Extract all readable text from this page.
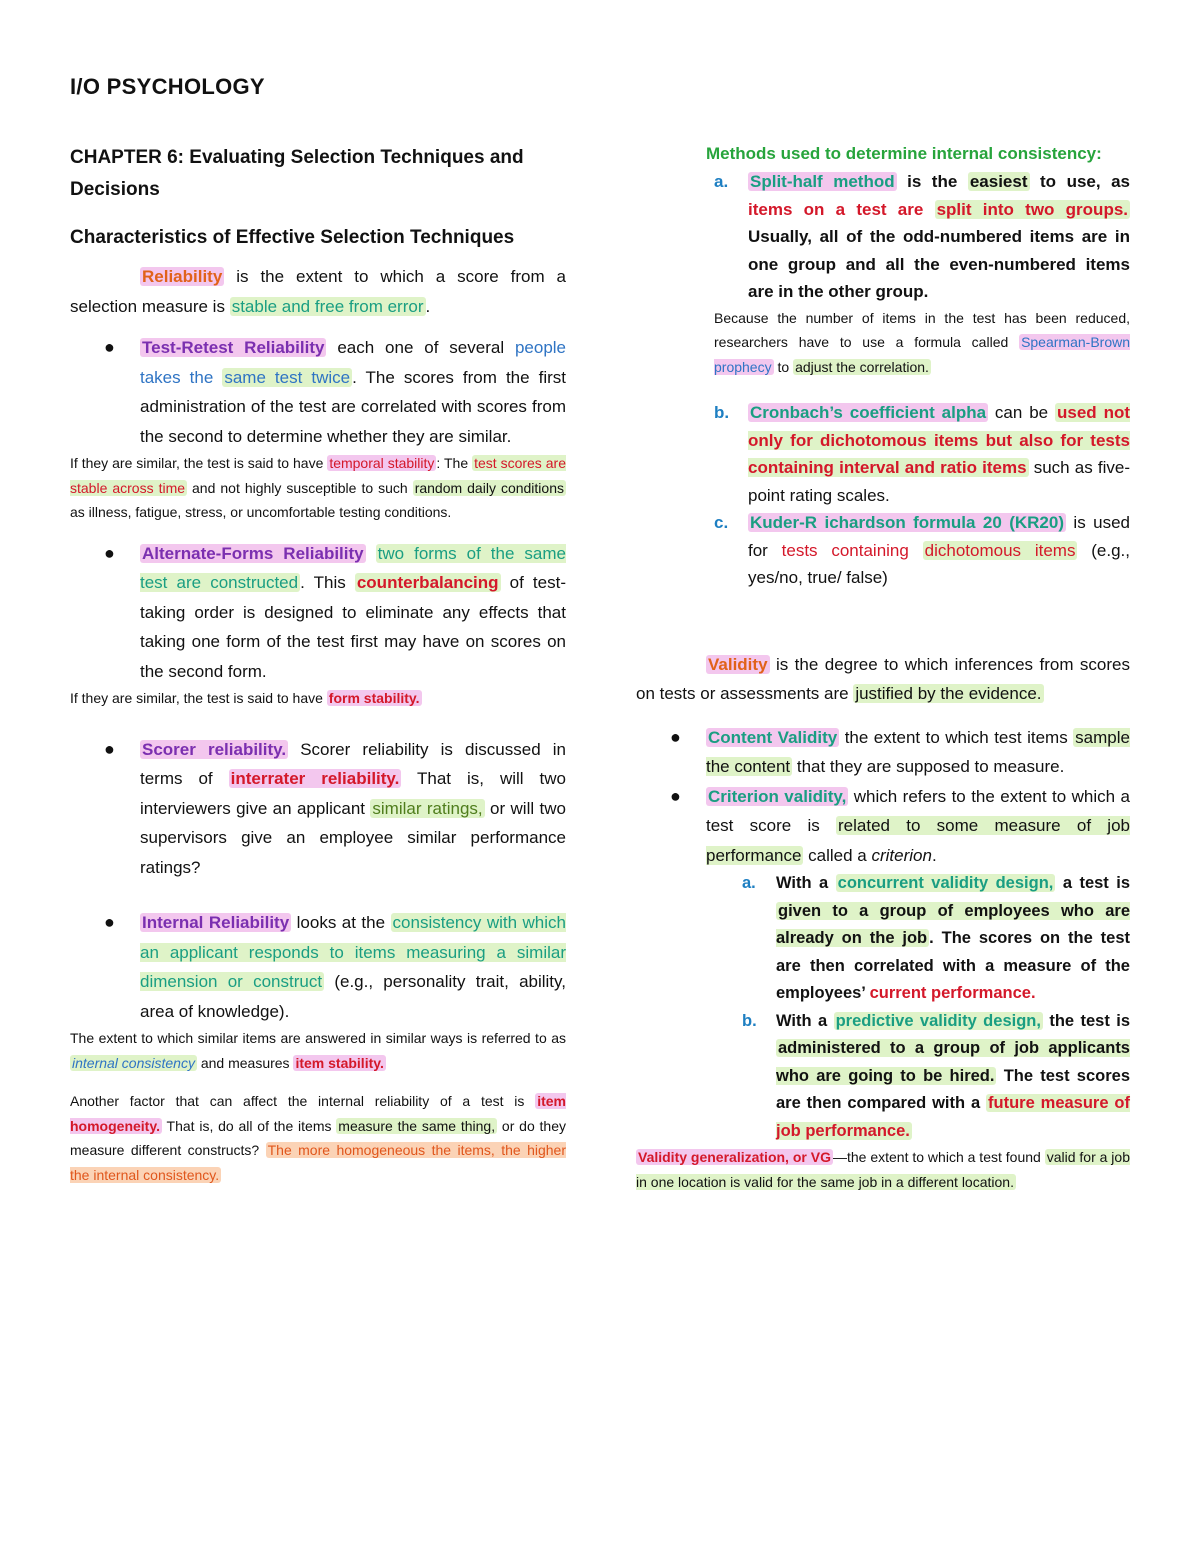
I/O PSYCHOLOGY

CHAPTER 6: Evaluating Selection Techniques and Decisions

Characteristics of Effective Selection Techniques

Reliability is the extent to which a score from a selection measure is stable and free from error .

● Test-Retest Reliability each one of several people takes the same test twice . The scores from the first administration of the test are correlated with scores from the second to determine whether they are similar.

If they are similar, the test is said to have temporal stability : The test scores are stable across time and not highly susceptible to such random daily conditions as illness, fatigue, stress, or uncomfortable testing conditions.

● Alternate-Forms Reliability two forms of the same test are constructed . This counterbalancing of test-taking order is designed to eliminate any effects that taking one form of the test first may have on scores on the second form.

If they are similar, the test is said to have form stability.

● Scorer reliability. Scorer reliability is discussed in terms of interrater reliability. That is, will two interviewers give an applicant similar ratings, or will two supervisors give an employee similar performance ratings?
● Internal Reliability looks at the consistency with which an applicant responds to items measuring a similar dimension or construct (e.g., personality trait, ability, area of knowledge).

The extent to which similar items are answered in similar ways is referred to as internal consistency and measures item stability.

Another factor that can affect the internal reliability of a test is item homogeneity. That is, do all of the items measure the same thing, or do they measure different constructs? The more homogeneous the items, the higher the internal consistency.

Methods used to determine internal consistency:

a. Split-half method is the easiest to use, as items on a test are split into two groups. Usually, all of the odd-numbered items are in one group and all the even-numbered items are in the other group.

Because the number of items in the test has been reduced, researchers have to use a formula called Spearman-Brown prophecy to adjust the correlation.

b. Cronbach’s coefficient alpha can be used not only for dichotomous items but also for tests containing interval and ratio items such as five-point rating scales.
c. Kuder-R ichardson formula 20 (KR20) is used for tests containing dichotomous items (e.g., yes/no, true/ false)

Validity is the degree to which inferences from scores on tests or assessments are justified by the evidence.

● Content Validity the extent to which test items sample the content that they are supposed to measure.
● Criterion validity, which refers to the extent to which a test score is related to some measure of job performance called a criterion.
a. With a concurrent validity design, a test is given to a group of employees who are already on the job . The scores on the test are then correlated with a measure of the employees’ current performance.
b. With a predictive validity design, the test is administered to a group of job applicants who are going to be hired. The test scores are then compared with a future measure of job performance.

Validity generalization, or VG —the extent to which a test found valid for a job in one location is valid for the same job in a different location.
